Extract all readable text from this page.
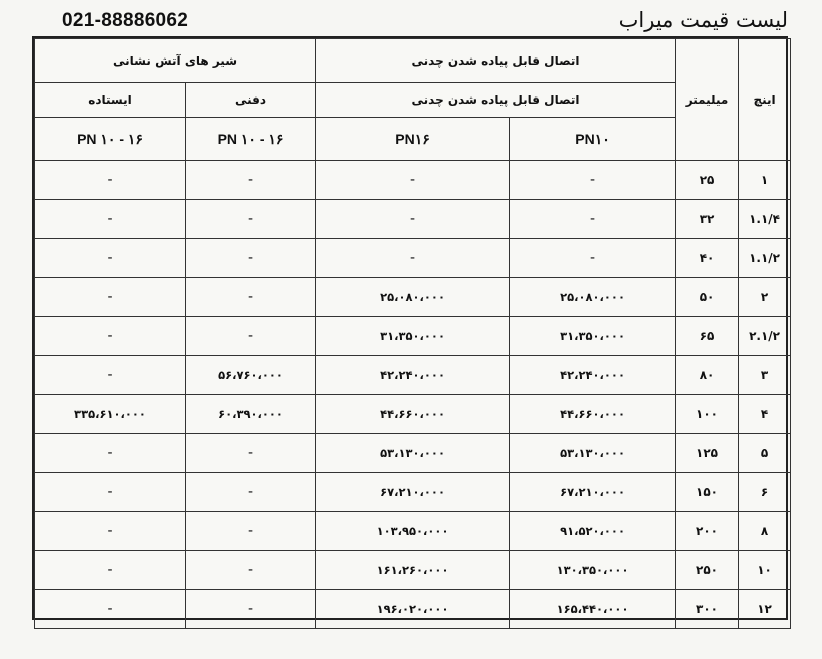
021-88886062	لیست قیمت میراب
اینچ	میلیمتر	اتصال قابل پیاده شدن چدنی		شیر های آتش نشانی	
		اتصال قابل پیاده شدن چدنی		دفنی	ایستاده
		PN۱۰	PN۱۶	PN ۱۰ - ۱۶	PN ۱۰ - ۱۶
۱	۲۵	-	-	-	-
۱.۱/۴	۳۲	-	-	-	-
۱.۱/۲	۴۰	-	-	-	-
۲	۵۰	۲۵،۰۸۰،۰۰۰	۲۵،۰۸۰،۰۰۰	-	-
۲.۱/۲	۶۵	۳۱،۳۵۰،۰۰۰	۳۱،۳۵۰،۰۰۰	-	-
۳	۸۰	۴۲،۲۴۰،۰۰۰	۴۲،۲۴۰،۰۰۰	۵۶،۷۶۰،۰۰۰	-
۴	۱۰۰	۴۴،۶۶۰،۰۰۰	۴۴،۶۶۰،۰۰۰	۶۰،۳۹۰،۰۰۰	۳۳۵،۶۱۰،۰۰۰
۵	۱۲۵	۵۳،۱۳۰،۰۰۰	۵۳،۱۳۰،۰۰۰	-	-
۶	۱۵۰	۶۷،۲۱۰،۰۰۰	۶۷،۲۱۰،۰۰۰	-	-
۸	۲۰۰	۹۱،۵۲۰،۰۰۰	۱۰۳،۹۵۰،۰۰۰	-	-
۱۰	۲۵۰	۱۳۰،۳۵۰،۰۰۰	۱۶۱،۲۶۰،۰۰۰	-	-
۱۲	۳۰۰	۱۶۵،۴۴۰،۰۰۰	۱۹۶،۰۲۰،۰۰۰	-	-
